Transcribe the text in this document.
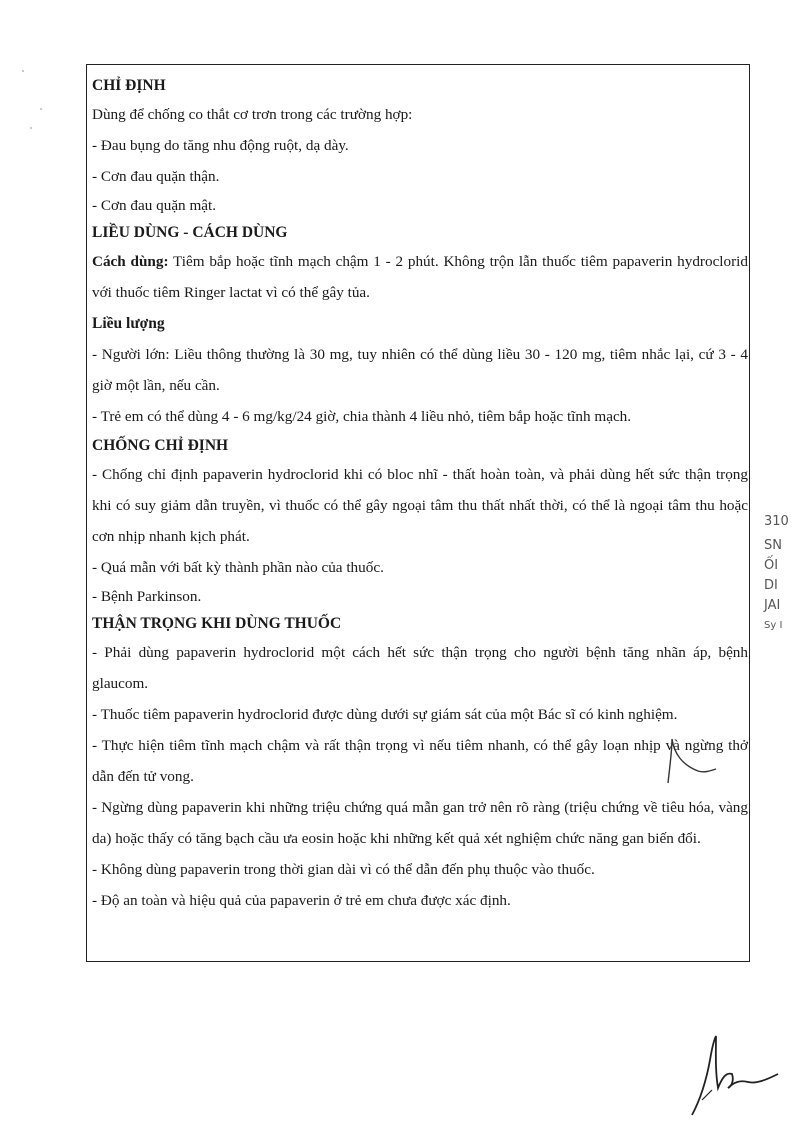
CHỈ ĐỊNH

Dùng để chống co thắt cơ trơn trong các trường hợp:

- Đau bụng do tăng nhu động ruột, dạ dày.

- Cơn đau quặn thận.

- Cơn đau quặn mật.

LIỀU DÙNG - CÁCH DÙNG

Cách dùng: Tiêm bắp hoặc tĩnh mạch chậm 1 - 2 phút. Không trộn lẫn thuốc tiêm papaverin hydroclorid với thuốc tiêm Ringer lactat vì có thể gây tủa.

Liều lượng

- Người lớn: Liều thông thường là 30 mg, tuy nhiên có thể dùng liều 30 - 120 mg, tiêm nhắc lại, cứ 3 - 4 giờ một lần, nếu cần.

- Trẻ em có thể dùng 4 - 6 mg/kg/24 giờ, chia thành 4 liều nhỏ, tiêm bắp hoặc tĩnh mạch.

CHỐNG CHỈ ĐỊNH

- Chống chỉ định papaverin hydroclorid khi có bloc nhĩ - thất hoàn toàn, và phải dùng hết sức thận trọng khi có suy giảm dẫn truyền, vì thuốc có thể gây ngoại tâm thu thất nhất thời, có thể là ngoại tâm thu hoặc cơn nhịp nhanh kịch phát.

- Quá mẫn với bất kỳ thành phần nào của thuốc.

- Bệnh Parkinson.

THẬN TRỌNG KHI DÙNG THUỐC

- Phải dùng papaverin hydroclorid một cách hết sức thận trọng cho người bệnh tăng nhãn áp, bệnh glaucom.

- Thuốc tiêm papaverin hydroclorid được dùng dưới sự giám sát của một Bác sĩ có kinh nghiệm.

- Thực hiện tiêm tĩnh mạch chậm và rất thận trọng vì nếu tiêm nhanh, có thể gây loạn nhịp và ngừng thở dẫn đến tử vong.

- Ngừng dùng papaverin khi những triệu chứng quá mẫn gan trở nên rõ ràng (triệu chứng về tiêu hóa, vàng da) hoặc thấy có tăng bạch cầu ưa eosin hoặc khi những kết quả xét nghiệm chức năng gan biến đổi.

- Không dùng papaverin trong thời gian dài vì có thể dẫn đến phụ thuộc vào thuốc.

- Độ an toàn và hiệu quả của papaverin ở trẻ em chưa được xác định.

310
SN
ỐI
DI
JAI
Sy I
